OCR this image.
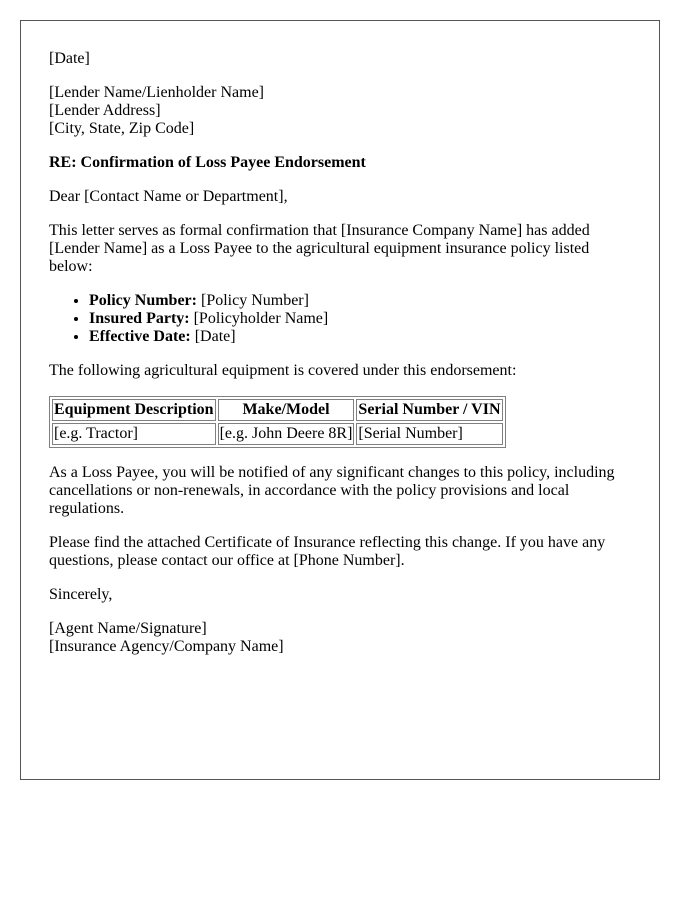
[Date]

[Lender Name/Lienholder Name]
[Lender Address]
[City, State, Zip Code]

RE: Confirmation of Loss Payee Endorsement

Dear [Contact Name or Department],

This letter serves as formal confirmation that [Insurance Company Name] has added [Lender Name] as a Loss Payee to the agricultural equipment insurance policy listed below:

• Policy Number: [Policy Number]
• Insured Party: [Policyholder Name]
• Effective Date: [Date]

The following agricultural equipment is covered under this endorsement:

Equipment Description	Make/Model	Serial Number / VIN
[e.g. Tractor]	[e.g. John Deere 8R]	[Serial Number]

As a Loss Payee, you will be notified of any significant changes to this policy, including cancellations or non-renewals, in accordance with the policy provisions and local regulations.

Please find the attached Certificate of Insurance reflecting this change. If you have any questions, please contact our office at [Phone Number].

Sincerely,

[Agent Name/Signature]
[Insurance Agency/Company Name]
